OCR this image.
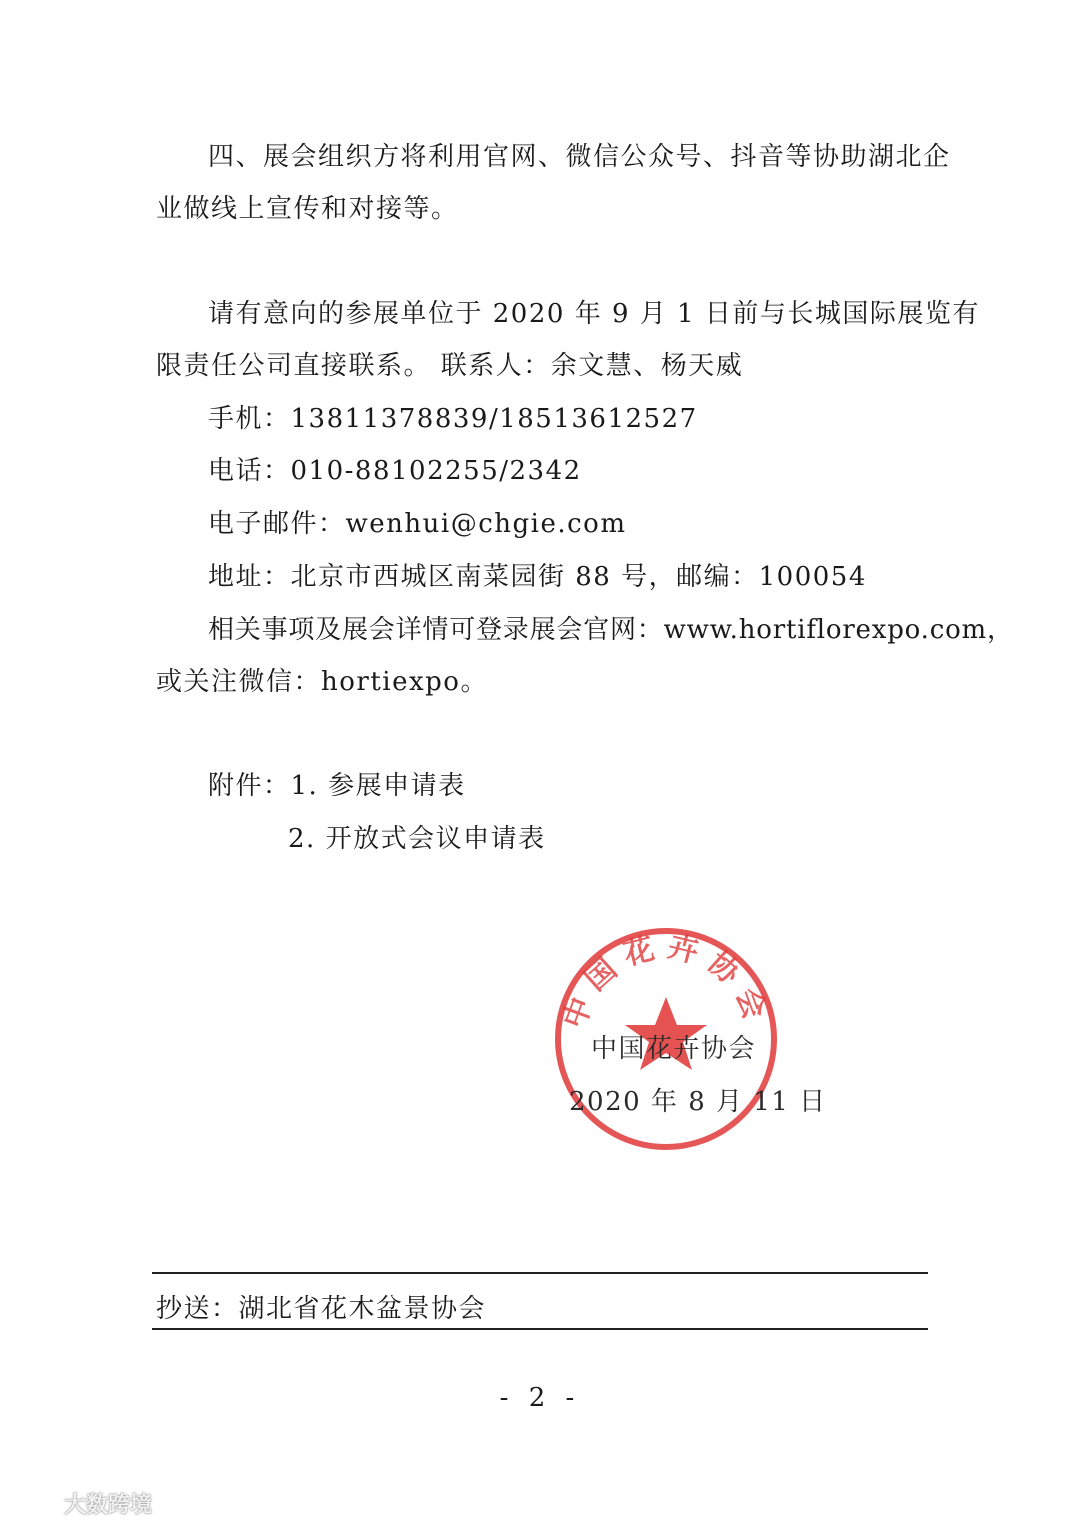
四、展会组织方将利用官网、微信公众号、抖音等协助湖北企
业做线上宣传和对接等。
请有意向的参展单位于 2020 年 9 月 1 日前与长城国际展览有
限责任公司直接联系。 联系人：余文慧、杨天威
手机：13811378839/18513612527
电话：010-88102255/2342
电子邮件：wenhui@chgie.com
地址：北京市西城区南菜园街 88 号，邮编：100054
相关事项及展会详情可登录展会官网：www.hortiflorexpo.com，
或关注微信：hortiexpo。
附件：1. 参展申请表
2. 开放式会议申请表
中国花卉协会
中国花卉协会
2020 年 8 月 11 日
抄送：湖北省花木盆景协会
- 2 -
大数跨境
